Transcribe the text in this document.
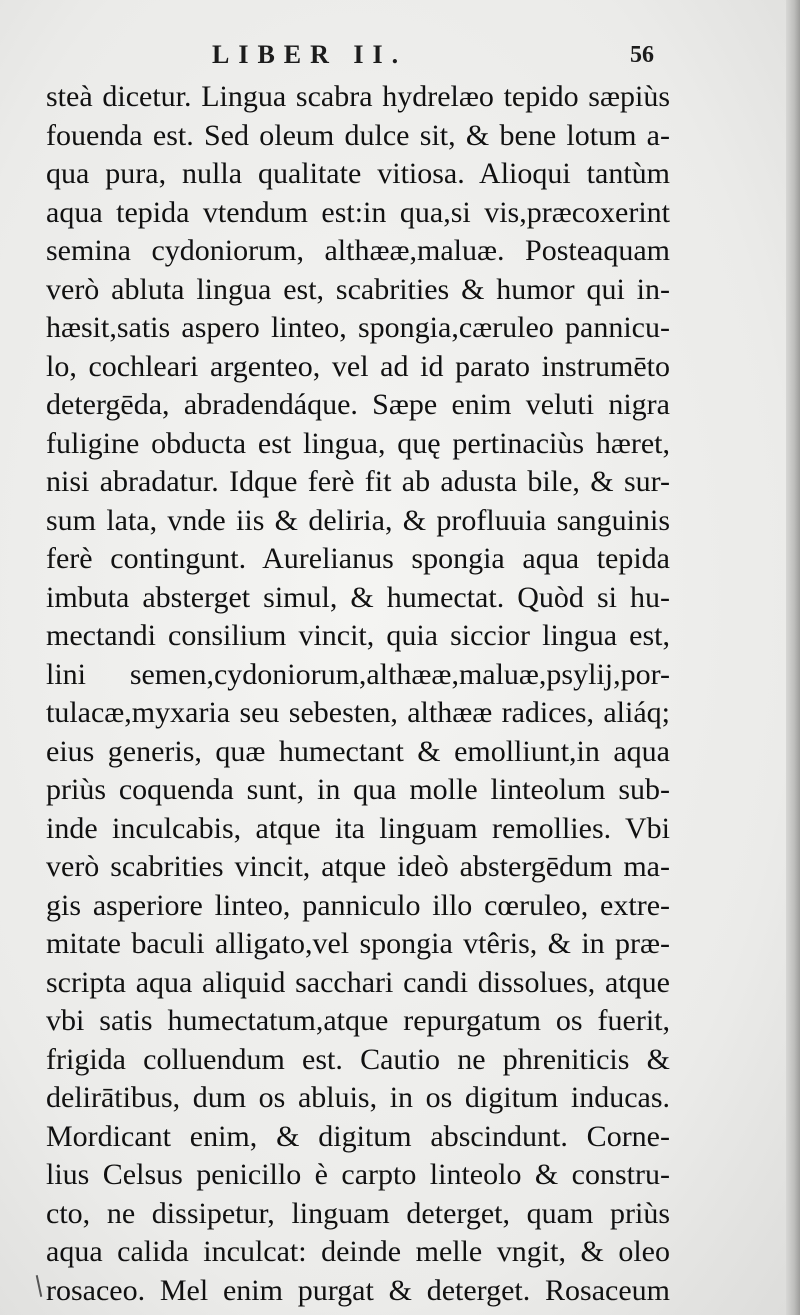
LIBER II.	56
steà dicetur. Lingua scabra hydrelæo tepido sæpiùs
fouenda est. Sed oleum dulce sit, & bene lotum a-
qua pura, nulla qualitate vitiosa. Alioqui tantùm
aqua tepida vtendum est:in qua,si vis,præcoxerint
semina cydoniorum, althææ,maluæ. Posteaquam
verò abluta lingua est, scabrities & humor qui in-
hæsit,satis aspero linteo, spongia,cæruleo pannicu-
lo, cochleari argenteo, vel ad id parato instrumēto
detergēda, abradendáque. Sæpe enim veluti nigra
fuligine obducta est lingua, quę pertinaciùs hæret,
nisi abradatur. Idque ferè fit ab adusta bile, & sur-
sum lata, vnde iis & deliria, & profluuia sanguinis
ferè contingunt. Aurelianus spongia aqua tepida
imbuta absterget simul, & humectat. Quòd si hu-
mectandi consilium vincit, quia siccior lingua est,
lini semen,cydoniorum,althææ,maluæ,psylij,por-
tulacæ,myxaria seu sebesten, althææ radices, aliáq;
eius generis, quæ humectant & emolliunt,in aqua
priùs coquenda sunt, in qua molle linteolum sub-
inde inculcabis, atque ita linguam remollies. Vbi
verò scabrities vincit, atque ideò abstergēdum ma-
gis asperiore linteo, panniculo illo cœruleo, extre-
mitate baculi alligato,vel spongia vtêris, & in præ-
scripta aqua aliquid sacchari candi dissolues, atque
vbi satis humectatum,atque repurgatum os fuerit,
frigida colluendum est. Cautio ne phreniticis &
delirātibus, dum os abluis, in os digitum inducas.
Mordicant enim, & digitum abscindunt. Corne-
lius Celsus penicillo è carpto linteolo & constru-
cto, ne dissipetur, linguam deterget, quam priùs
aqua calida inculcat: deinde melle vngit, & oleo
rosaceo. Mel enim purgat & deterget. Rosaceum
